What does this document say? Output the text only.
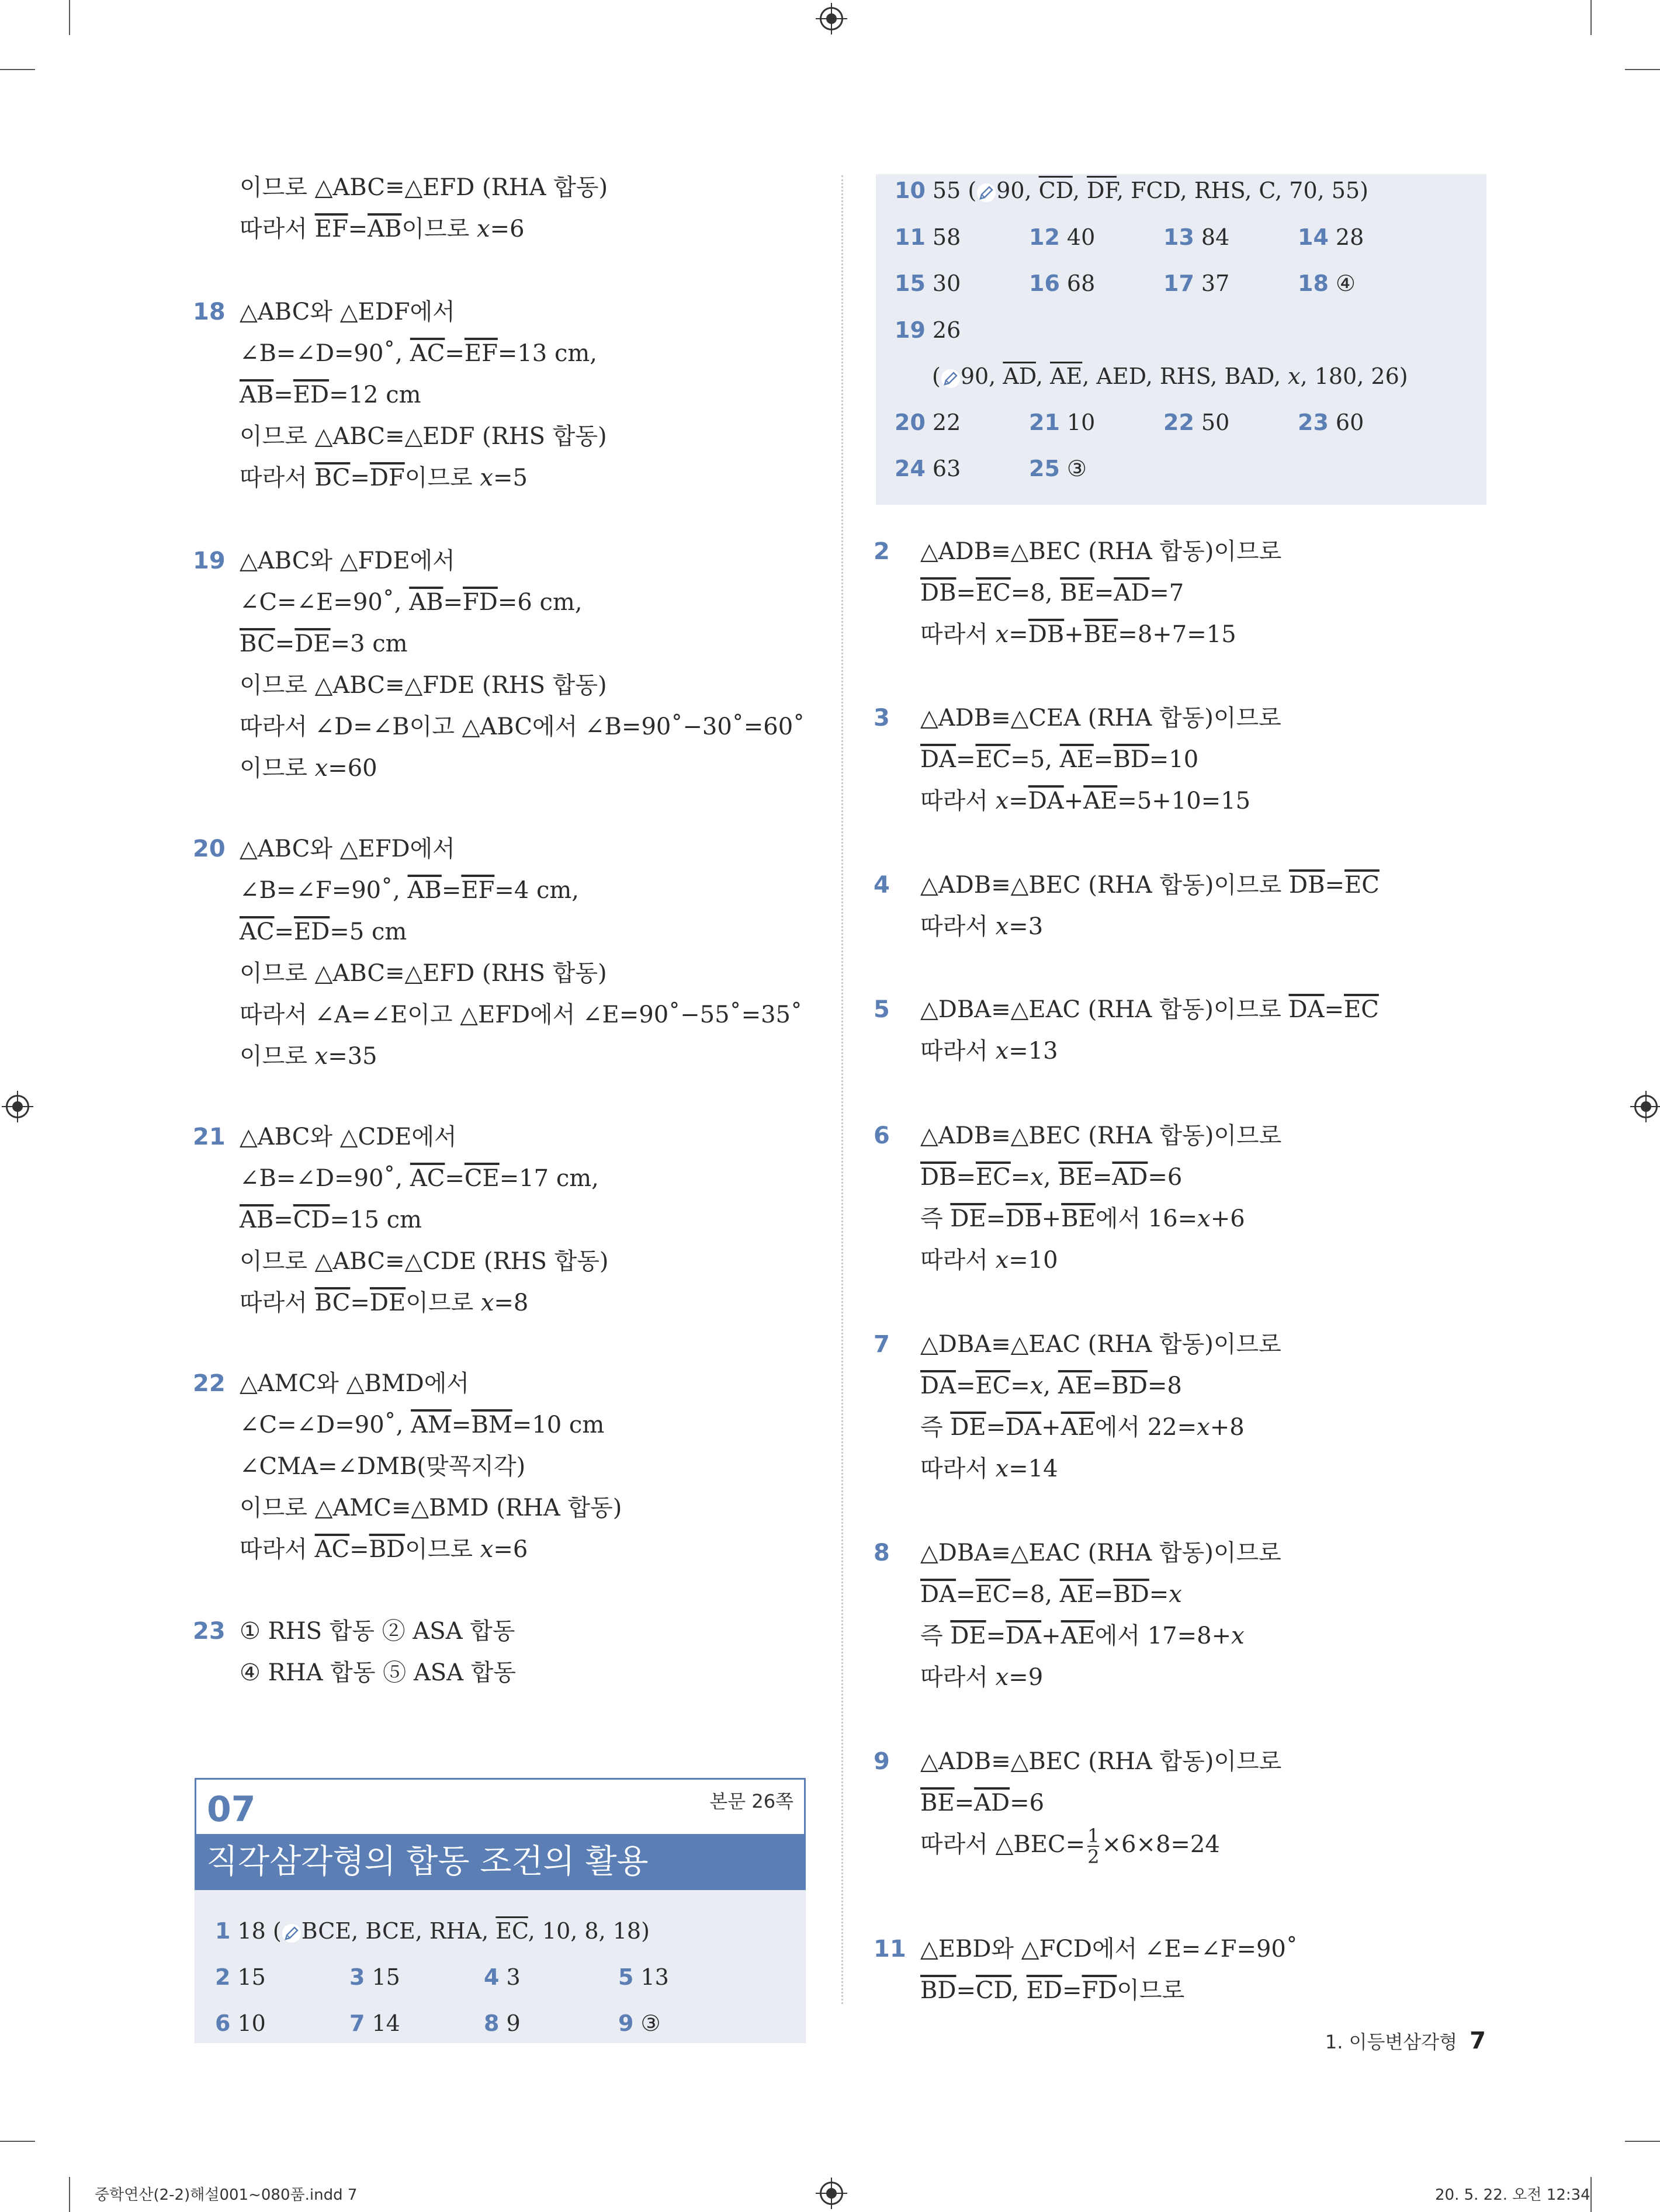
이므로 △ABC≡△EFD (RHA 합동)
따라서 $\overline{EF}=\overline{AB}$이므로 x=6
18 △ABC와 △EDF에서
∠B=∠D=90˚, $\overline{AC}=\overline{EF}=13$ cm,
$\overline{AB}=\overline{ED}=12$ cm
이므로 △ABC≡△EDF (RHS 합동)
따라서 $\overline{BC}=\overline{DF}$이므로 x=5
19 △ABC와 △FDE에서
∠C=∠E=90˚, $\overline{AB}=\overline{FD}=6$ cm,
$\overline{BC}=\overline{DE}=3$ cm
이므로 △ABC≡△FDE (RHS 합동)
따라서 ∠D=∠B이고 △ABC에서 ∠B=90˚−30˚=60˚
이므로 x=60
20 △ABC와 △EFD에서
∠B=∠F=90˚, $\overline{AB}=\overline{EF}=4$ cm,
$\overline{AC}=\overline{ED}=5$ cm
이므로 △ABC≡△EFD (RHS 합동)
따라서 ∠A=∠E이고 △EFD에서 ∠E=90˚−55˚=35˚
이므로 x=35
21 △ABC와 △CDE에서
∠B=∠D=90˚, $\overline{AC}=\overline{CE}=17$ cm,
$\overline{AB}=\overline{CD}=15$ cm
이므로 △ABC≡△CDE (RHS 합동)
따라서 $\overline{BC}=\overline{DE}$이므로 x=8
22 △AMC와 △BMD에서
∠C=∠D=90˚, $\overline{AM}=\overline{BM}=10$ cm
∠CMA=∠DMB(맞꼭지각)
이므로 △AMC≡△BMD (RHA 합동)
따라서 $\overline{AC}=\overline{BD}$이므로 x=6
23 ① RHS 합동 ② ASA 합동
④ RHA 합동 ⑤ ASA 합동
07	본문 26쪽
직각삼각형의 합동 조건의 활용
1 18 ( BCE, BCE, RHA, $\overline{EC}$, 10, 8, 18)
2 15	3 15	4 3	5 13
6 10	7 14	8 9	9 ③
10 55 ( 90, $\overline{CD}$, $\overline{DF}$, FCD, RHS, C, 70, 55)
11 58	12 40	13 84	14 28
15 30	16 68	17 37	18 ④
19 26
( 90, $\overline{AD}$, $\overline{AE}$, AED, RHS, BAD, x, 180, 26)
20 22	21 10	22 50	23 60
24 63	25 ③
2	△ADB≡△BEC (RHA 합동)이므로
$\overline{DB}=\overline{EC}=8$, $\overline{BE}=\overline{AD}=7$
따라서 $x=\overline{DB}+\overline{BE}=8+7=15$
3	△ADB≡△CEA (RHA 합동)이므로
$\overline{DA}=\overline{EC}=5$, $\overline{AE}=\overline{BD}=10$
따라서 $x=\overline{DA}+\overline{AE}=5+10=15$
4	△ADB≡△BEC (RHA 합동)이므로 $\overline{DB}=\overline{EC}$
따라서 x=3
5	△DBA≡△EAC (RHA 합동)이므로 $\overline{DA}=\overline{EC}$
따라서 x=13
6	△ADB≡△BEC (RHA 합동)이므로
$\overline{DB}=\overline{EC}=x$, $\overline{BE}=\overline{AD}=6$
즉 $\overline{DE}=\overline{DB}+\overline{BE}$에서 16=x+6
따라서 x=10
7	△DBA≡△EAC (RHA 합동)이므로
$\overline{DA}=\overline{EC}=x$, $\overline{AE}=\overline{BD}=8$
즉 $\overline{DE}=\overline{DA}+\overline{AE}$에서 22=x+8
따라서 x=14
8	△DBA≡△EAC (RHA 합동)이므로
$\overline{DA}=\overline{EC}=8$, $\overline{AE}=\overline{BD}=x$
즉 $\overline{DE}=\overline{DA}+\overline{AE}$에서 17=8+x
따라서 x=9
9	△ADB≡△BEC (RHA 합동)이므로
$\overline{BE}=\overline{AD}=6$
따라서 △BEC= $\frac{1}{2} \times 6\times 8=24$
11 △EBD와 △FCD에서 ∠E=∠F=90˚
$\overline{BD}=\overline{CD}$, $\overline{ED}=\overline{FD}$이므로
1. 이등변삼각형 7
중학연산(2-2)해설001~080품.indd 7	20. 5. 22. 오전 12:34
